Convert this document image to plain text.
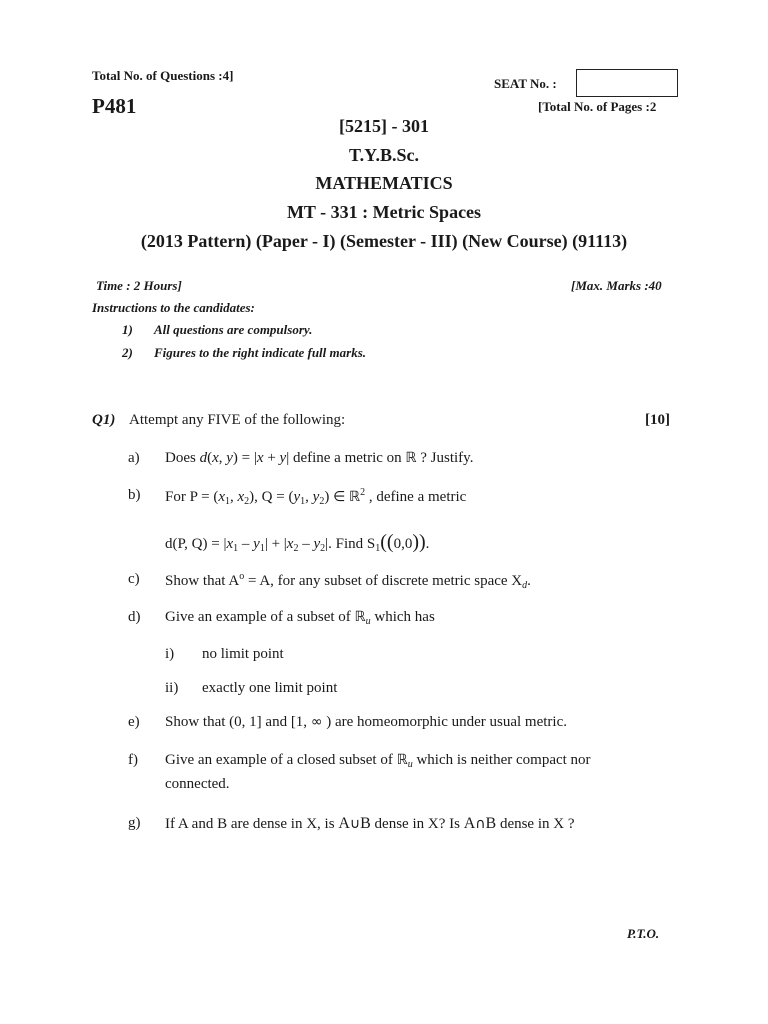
Total No. of Questions :4]
SEAT No. :
P481	[Total No. of Pages :2
[5215] - 301
T.Y.B.Sc.
MATHEMATICS
MT - 331 : Metric Spaces
(2013 Pattern) (Paper - I) (Semester - III) (New Course) (91113)
Time : 2 Hours]	[Max. Marks :40
Instructions to the candidates:
1) All questions are compulsory.
2) Figures to the right indicate full marks.
Q1) Attempt any FIVE of the following:	[10]
a) Does d(x, y) = |x + y| define a metric on ℝ ? Justify.
b) For $P = (x_1$, $x_2$), $Q = (y_1$, $y_2$) ∈ ℝ$^2$ , define a metric
d(P, $Q) = |x_1 - y_1| + |x_2 - y_2|$. Find $S_1((0,0))$.
c) Show that $A^o = A$, for any subset of discrete metric space $X_d$.
d) Give an example of a subset of ℝ$_u$ which has
i) no limit point
ii) exactly one limit point
e) Show that (0, 1] and [1, ∞ ) are homeomorphic under usual metric.
f) Give an example of a closed subset of ℝ$_u$ which is neither compact nor
connected.
g) If A and B are dense in X, is A∪B dense in X? Is A∩B dense in X ?
P.T.O.
